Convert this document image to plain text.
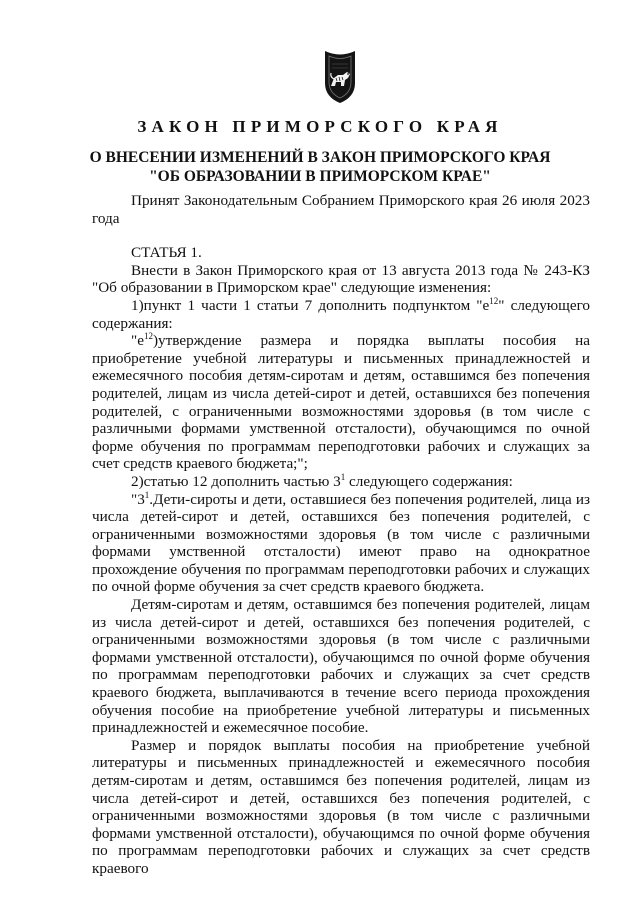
ЗАКОН ПРИМОРСКОГО КРАЯ
О ВНЕСЕНИИ ИЗМЕНЕНИЙ В ЗАКОН ПРИМОРСКОГО КРАЯ
"ОБ ОБРАЗОВАНИИ В ПРИМОРСКОМ КРАЕ"

Принят Законодательным Собранием Приморского края 26 июля 2023 года

СТАТЬЯ 1.

Внести в Закон Приморского края от 13 августа 2013 года № 243-КЗ "Об образовании в Приморском крае" следующие изменения:

1)пункт 1 части 1 статьи 7 дополнить подпунктом "$е^{12}$" следующего содержания:

"$е^{12})утверждение$ размера и порядка выплаты пособия на приобретение учебной литературы и письменных принадлежностей и ежемесячного пособия детям-сиротам и детям, оставшимся без попечения родителей, лицам из числа детей-сирот и детей, оставшихся без попечения родителей, с ограниченными возможностями здоровья (в том числе с различными формами умственной отсталости), обучающимся по очной форме обучения по программам переподготовки рабочих и служащих за счет средств краевого бюджета;";

2)статью 12 дополнить частью $3^1$ следующего содержания:

"$3^1.Дети$-сироты и дети, оставшиеся без попечения родителей, лица из числа детей-сирот и детей, оставшихся без попечения родителей, с ограниченными возможностями здоровья (в том числе с различными формами умственной отсталости) имеют право на однократное прохождение обучения по программам переподготовки рабочих и служащих по очной форме обучения за счет средств краевого бюджета.

Детям-сиротам и детям, оставшимся без попечения родителей, лицам из числа детей-сирот и детей, оставшихся без попечения родителей, с ограниченными возможностями здоровья (в том числе с различными формами умственной отсталости), обучающимся по очной форме обучения по программам переподготовки рабочих и служащих за счет средств краевого бюджета, выплачиваются в течение всего периода прохождения обучения пособие на приобретение учебной литературы и письменных принадлежностей и ежемесячное пособие.

Размер и порядок выплаты пособия на приобретение учебной литературы и письменных принадлежностей и ежемесячного пособия детям-сиротам и детям, оставшимся без попечения родителей, лицам из числа детей-сирот и детей, оставшихся без попечения родителей, с ограниченными возможностями здоровья (в том числе с различными формами умственной отсталости), обучающимся по очной форме обучения по программам переподготовки рабочих и служащих за счет средств краевого
